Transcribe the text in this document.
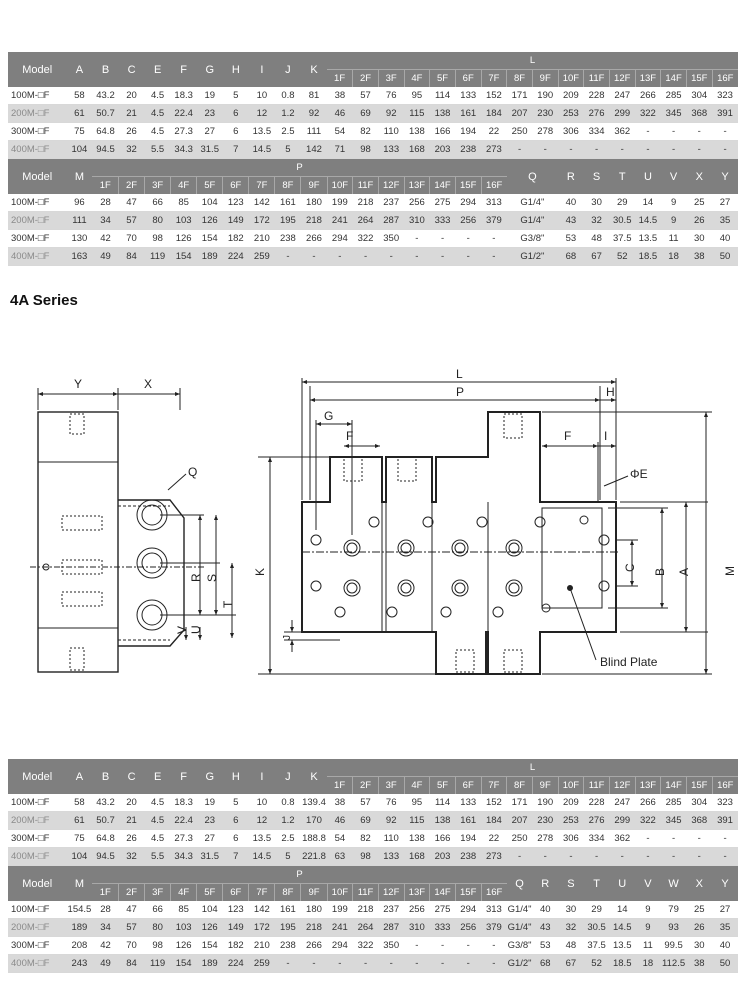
Model	A	B	C	E	F	G	H	I	J	K	L															
											1F	2F	3F	4F	5F	6F	7F	8F	9F	10F	11F	12F	13F	14F	15F	16F
100M-□F	58	43.2	20	4.5	18.3	19	5	10	0.8	81	38	57	76	95	114	133	152	171	190	209	228	247	266	285	304	323
200M-□F	61	50.7	21	4.5	22.4	23	6	12	1.2	92	46	69	92	115	138	161	184	207	230	253	276	299	322	345	368	391
300M-□F	75	64.8	26	4.5	27.3	27	6	13.5	2.5	111	54	82	110	138	166	194	22	250	278	306	334	362	-	-	-	-
400M-□F	104	94.5	32	5.5	34.3	31.5	7	14.5	5	142	71	98	133	168	203	238	273	-	-	-	-	-	-	-	-	-
Model	M	P																Q		R	S	T	U	V	X	Y
		1F	2F	3F	4F	5F	6F	7F	8F	9F	10F	11F	12F	13F	14F	15F	16F									
100M-□F	96	28	47	66	85	104	123	142	161	180	199	218	237	256	275	294	313	G1/4"		40	30	29	14	9	25	27
200M-□F	111	34	57	80	103	126	149	172	195	218	241	264	287	310	333	256	379	G1/4"		43	32	30.5	14.5	9	26	35
300M-□F	130	42	70	98	126	154	182	210	238	266	294	322	350	-	-	-	-	G3/8"		53	48	37.5	13.5	11	30	40
400M-□F	163	49	84	119	154	189	224	259	-	-	-	-	-	-	-	-	-	G1/2"		68	67	52	18.5	18	38	50
4A Series
Y	X
Q
R S
T
V U
L
P
G
H
F	F	I
ΦE
C B A	M
K
J
Blind Plate
Model	A	B	C	E	F	G	H	I	J	K	L															
											1F	2F	3F	4F	5F	6F	7F	8F	9F	10F	11F	12F	13F	14F	15F	16F
100M-□F	58	43.2	20	4.5	18.3	19	5	10	0.8	139.4	38	57	76	95	114	133	152	171	190	209	228	247	266	285	304	323
200M-□F	61	50.7	21	4.5	22.4	23	6	12	1.2	170	46	69	92	115	138	161	184	207	230	253	276	299	322	345	368	391
300M-□F	75	64.8	26	4.5	27.3	27	6	13.5	2.5	188.8	54	82	110	138	166	194	22	250	278	306	334	362	-	-	-	-
400M-□F	104	94.5	32	5.5	34.3	31.5	7	14.5	5	221.8	63	98	133	168	203	238	273	-	-	-	-	-	-	-	-	-
Model	M	P																Q	R	S	T	U	V	W	X	Y
		1F	2F	3F	4F	5F	6F	7F	8F	9F	10F	11F	12F	13F	14F	15F	16F									
100M-□F	154.5	28	47	66	85	104	123	142	161	180	199	218	237	256	275	294	313	G1/4"	40	30	29	14	9	79	25	27
200M-□F	189	34	57	80	103	126	149	172	195	218	241	264	287	310	333	256	379	G1/4"	43	32	30.5	14.5	9	93	26	35
300M-□F	208	42	70	98	126	154	182	210	238	266	294	322	350	-	-	-	-	G3/8"	53	48	37.5	13.5	11	99.5	30	40
400M-□F	243	49	84	119	154	189	224	259	-	-	-	-	-	-	-	-	-	G1/2"	68	67	52	18.5	18	112.5	38	50
